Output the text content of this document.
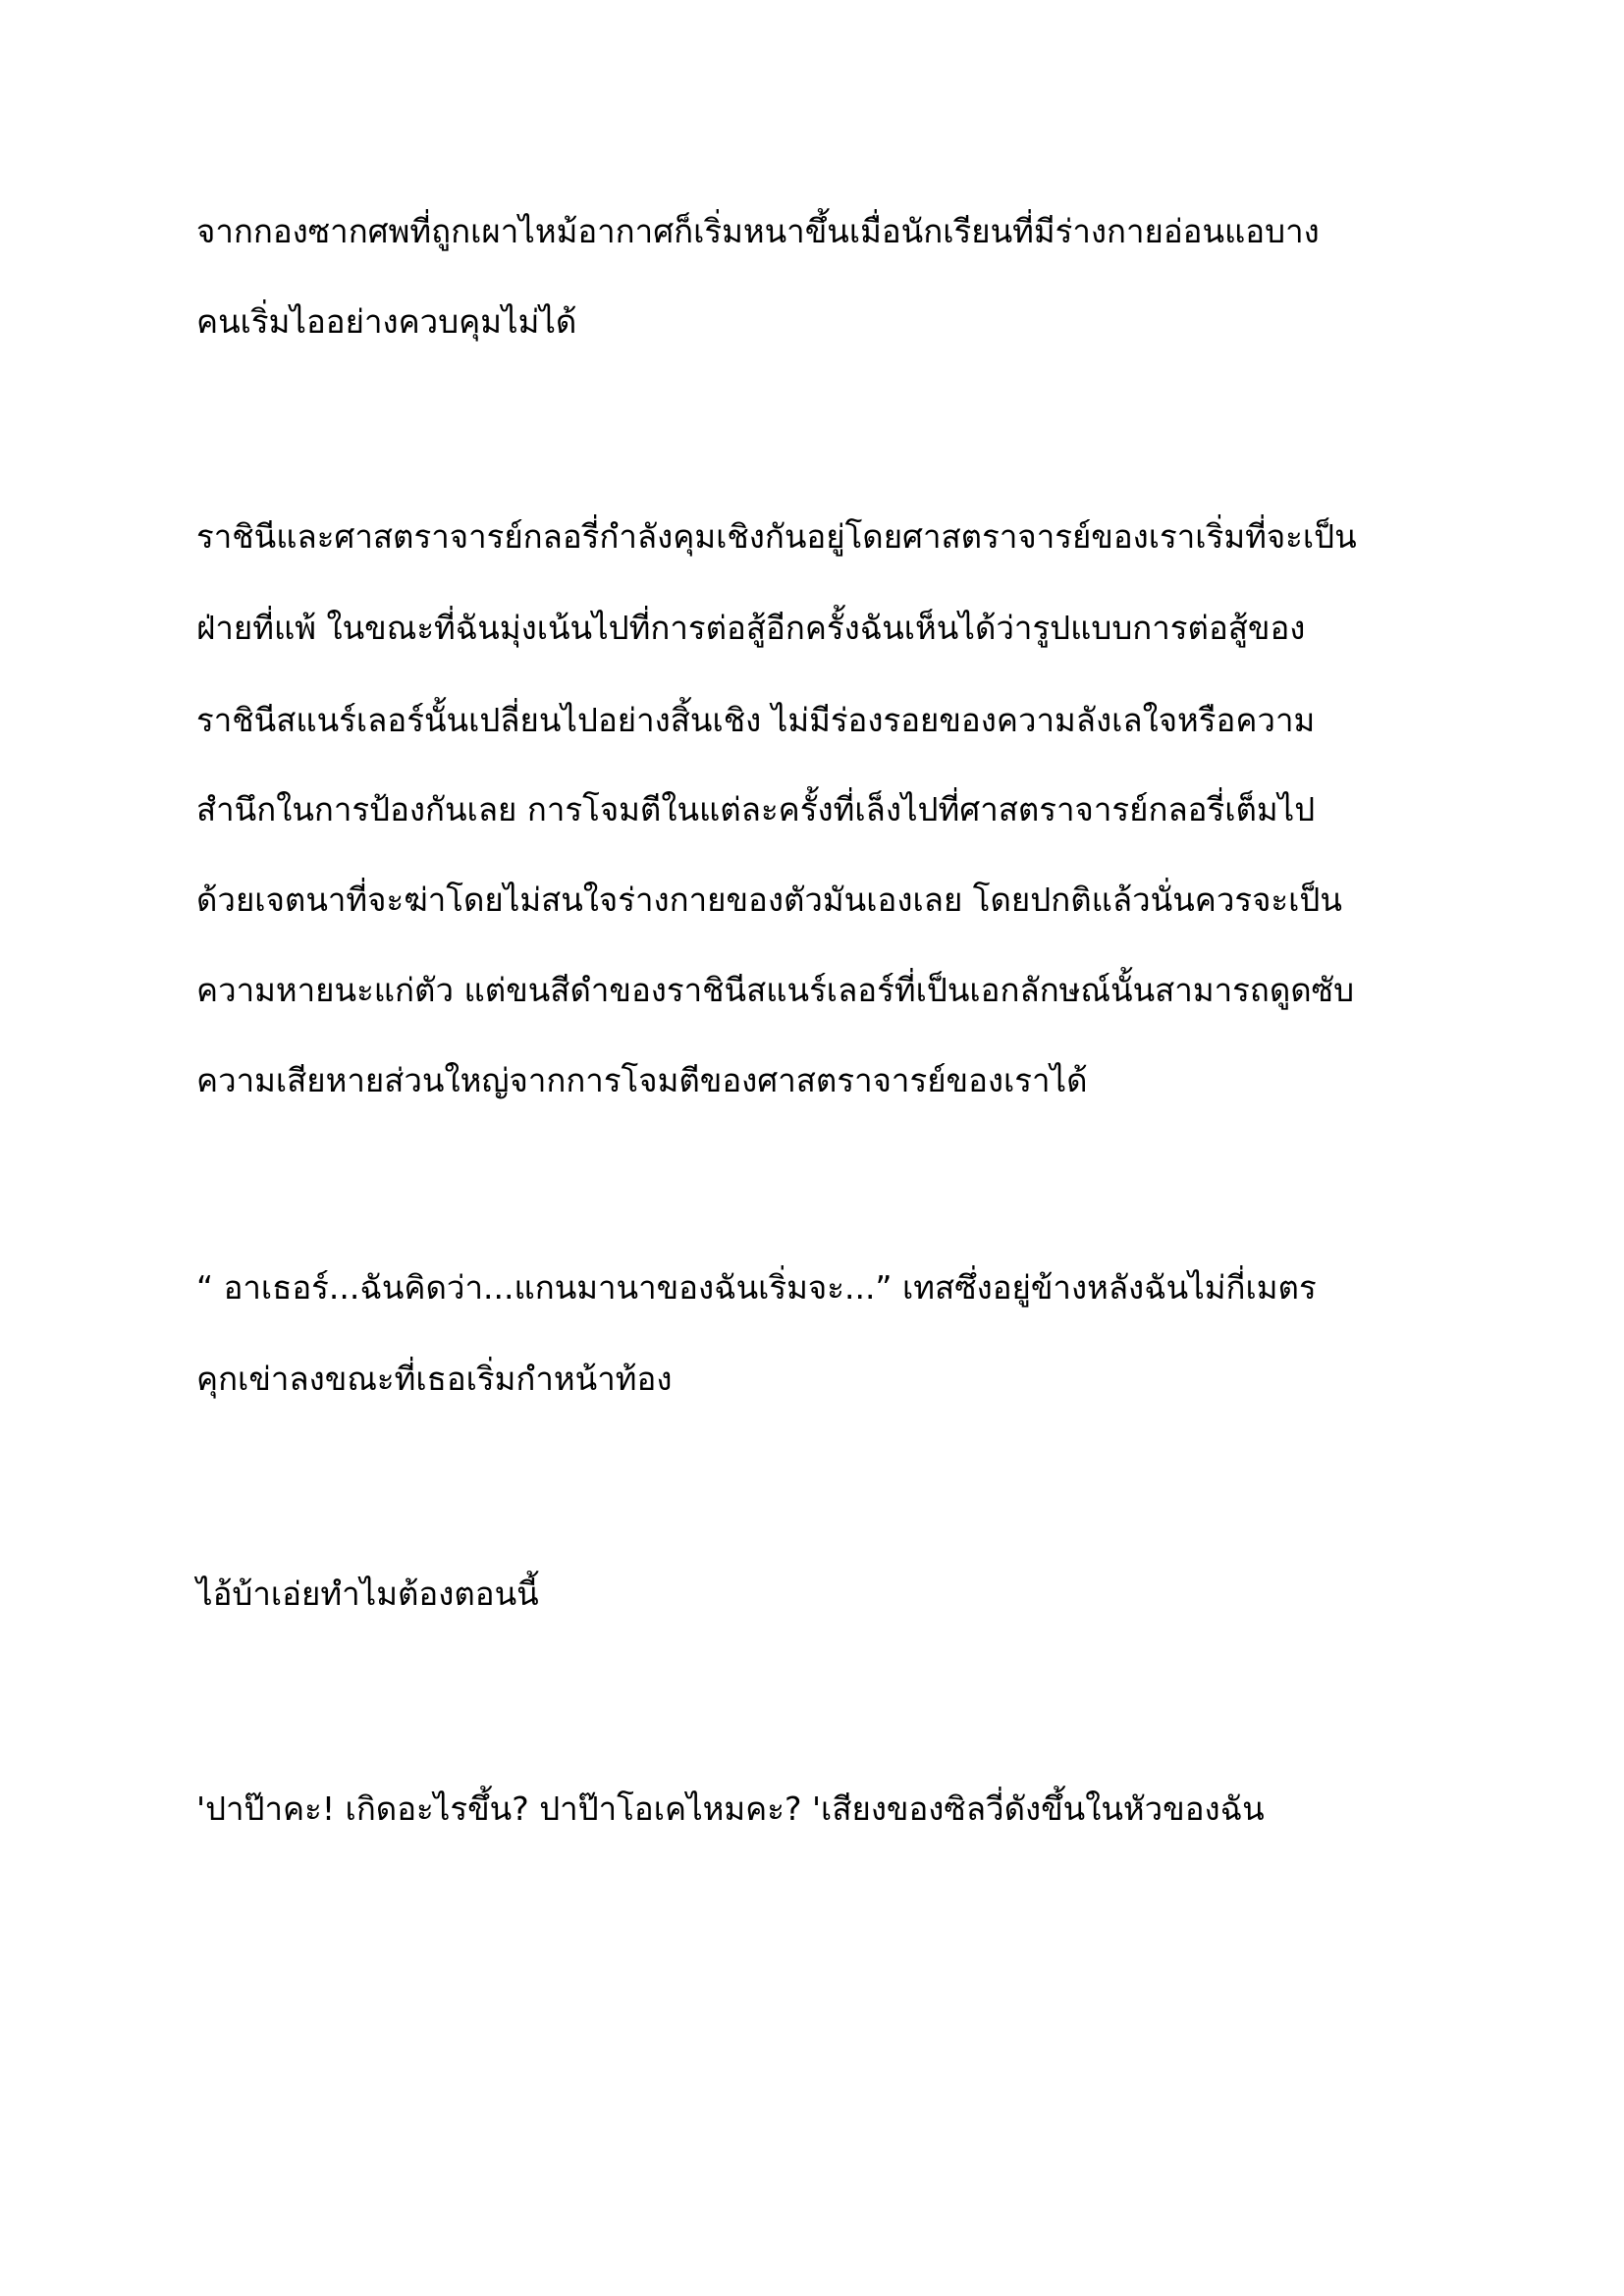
จากกองซากศพที่ถูกเผาไหม้อากาศก็เริ่มหนาขึ้นเมื่อนักเรียนที่มีร่างกายอ่อนแอบาง
คนเริ่มไออย่างควบคุมไม่ได้
ราชินีและศาสตราจารย์กลอรี่กำลังคุมเชิงกันอยู่โดยศาสตราจารย์ของเราเริ่มที่จะเป็น
ฝ่ายที่แพ้ ในขณะที่ฉันมุ่งเน้นไปที่การต่อสู้อีกครั้งฉันเห็นได้ว่ารูปแบบการต่อสู้ของ
ราชินีสแนร์เลอร์นั้นเปลี่ยนไปอย่างสิ้นเชิง ไม่มีร่องรอยของความลังเลใจหรือความ
สำนึกในการป้องกันเลย การโจมตีในแต่ละครั้งที่เล็งไปที่ศาสตราจารย์กลอรี่เต็มไป
ด้วยเจตนาที่จะฆ่าโดยไม่สนใจร่างกายของตัวมันเองเลย โดยปกติแล้วนั่นควรจะเป็น
ความหายนะแก่ตัว แต่ขนสีดำของราชินีสแนร์เลอร์ที่เป็นเอกลักษณ์นั้นสามารถดูดซับ
ความเสียหายส่วนใหญ่จากการโจมตีของศาสตราจารย์ของเราได้
“ อาเธอร์...ฉันคิดว่า...แกนมานาของฉันเริ่มจะ...” เทสซึ่งอยู่ข้างหลังฉันไม่กี่เมตร
คุกเข่าลงขณะที่เธอเริ่มกำหน้าท้อง
ไอ้บ้าเอ่ยทำไมต้องตอนนี้
'ปาป๊าคะ! เกิดอะไรขึ้น? ปาป๊าโอเคไหมคะ? 'เสียงของซิลวี่ดังขึ้นในหัวของฉัน
